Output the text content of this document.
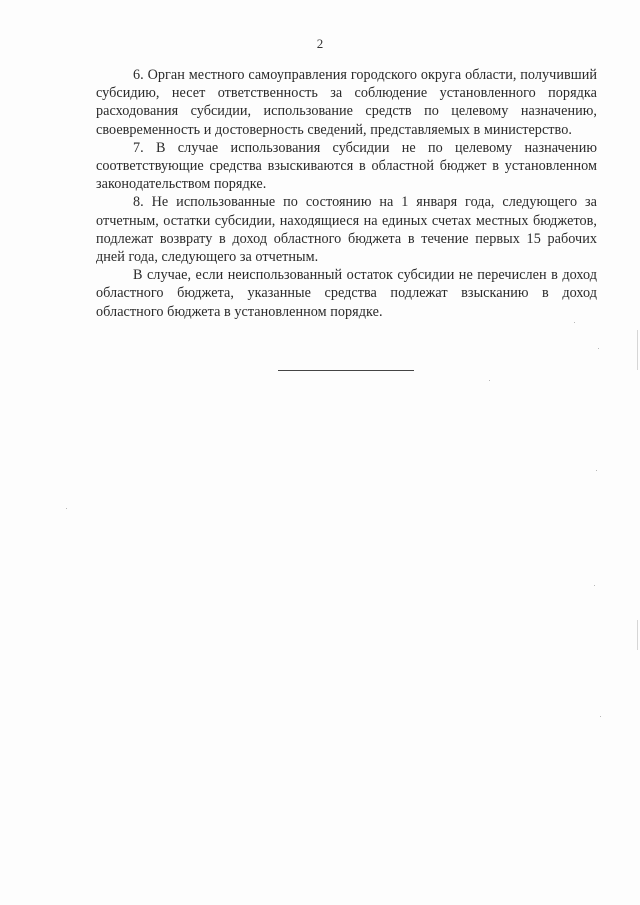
2

6. Орган местного самоуправления городского округа области, получивший субсидию, несет ответственность за соблюдение установленного порядка расходования субсидии, использование средств по целевому назначению, своевременность и достоверность сведений, представляемых в министерство.

7. В случае использования субсидии не по целевому назначению соответствующие средства взыскиваются в областной бюджет в установленном законодательством порядке.

8. Не использованные по состоянию на 1 января года, следующего за отчетным, остатки субсидии, находящиеся на единых счетах местных бюджетов, подлежат возврату в доход областного бюджета в течение первых 15 рабочих дней года, следующего за отчетным.

В случае, если неиспользованный остаток субсидии не перечислен в доход областного бюджета, указанные средства подлежат взысканию в доход областного бюджета в установленном порядке.
